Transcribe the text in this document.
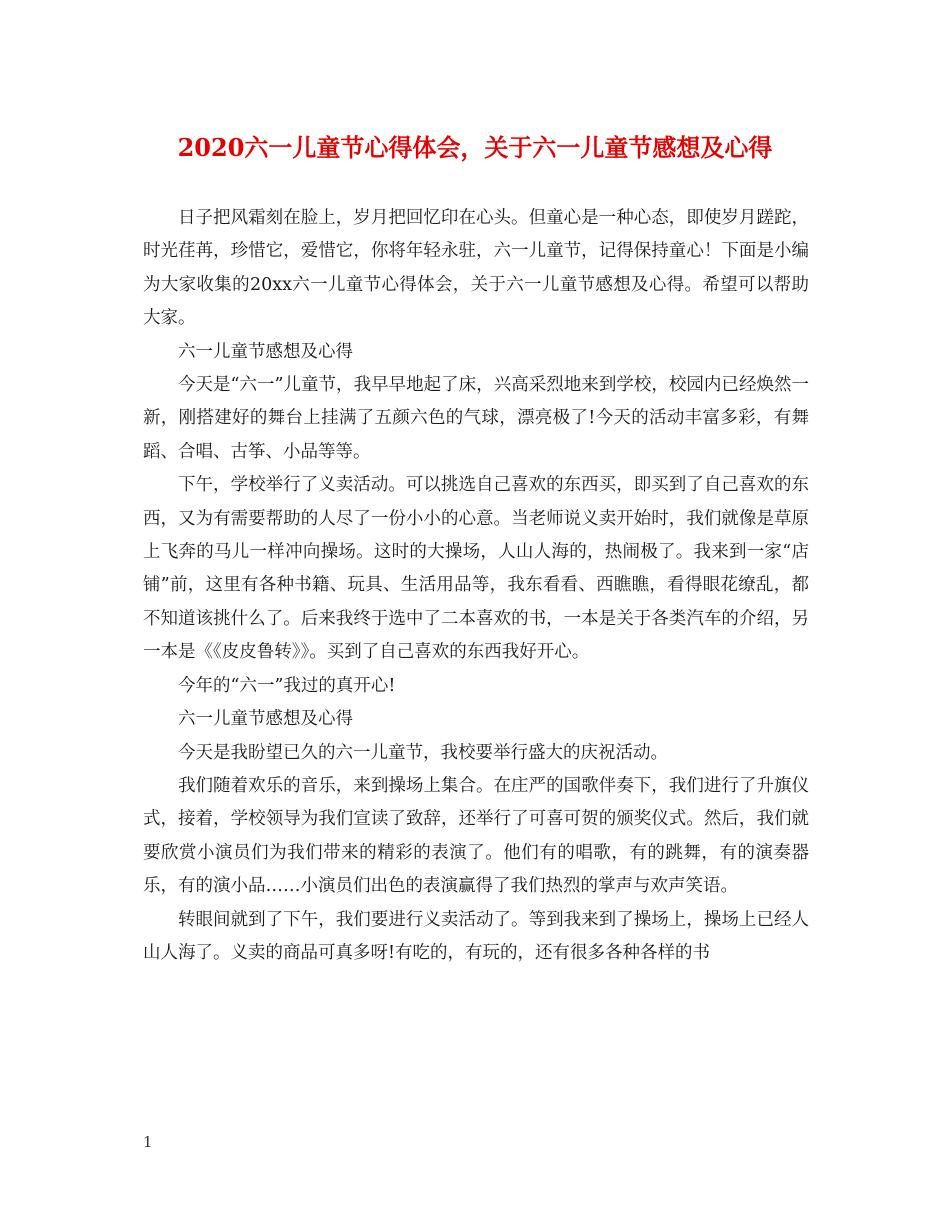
2020六一儿童节心得体会，关于六一儿童节感想及心得

日子把风霜刻在脸上，岁月把回忆印在心头。但童心是一种心态，即使岁月蹉跎，时光荏苒，珍惜它，爱惜它，你将年轻永驻，六一儿童节，记得保持童心！下面是小编为大家收集的20xx六一儿童节心得体会，关于六一儿童节感想及心得。希望可以帮助大家。

六一儿童节感想及心得

今天是“六一”儿童节，我早早地起了床，兴高采烈地来到学校，校园内已经焕然一新，刚搭建好的舞台上挂满了五颜六色的气球，漂亮极了!今天的活动丰富多彩，有舞蹈、合唱、古筝、小品等等。

下午，学校举行了义卖活动。可以挑选自己喜欢的东西买，即买到了自己喜欢的东西，又为有需要帮助的人尽了一份小小的心意。当老师说义卖开始时，我们就像是草原上飞奔的马儿一样冲向操场。这时的大操场，人山人海的，热闹极了。我来到一家“店铺”前，这里有各种书籍、玩具、生活用品等，我东看看、西瞧瞧，看得眼花缭乱，都不知道该挑什么了。后来我终于选中了二本喜欢的书，一本是关于各类汽车的介绍，另一本是《《皮皮鲁转》》。买到了自己喜欢的东西我好开心。

今年的“六一”我过的真开心!

六一儿童节感想及心得

今天是我盼望已久的六一儿童节，我校要举行盛大的庆祝活动。

我们随着欢乐的音乐，来到操场上集合。在庄严的国歌伴奏下，我们进行了升旗仪式，接着，学校领导为我们宣读了致辞，还举行了可喜可贺的颁奖仪式。然后，我们就要欣赏小演员们为我们带来的精彩的表演了。他们有的唱歌，有的跳舞，有的演奏器乐，有的演小品……小演员们出色的表演赢得了我们热烈的掌声与欢声笑语。

转眼间就到了下午，我们要进行义卖活动了。等到我来到了操场上，操场上已经人山人海了。义卖的商品可真多呀!有吃的，有玩的，还有很多各种各样的书

1
